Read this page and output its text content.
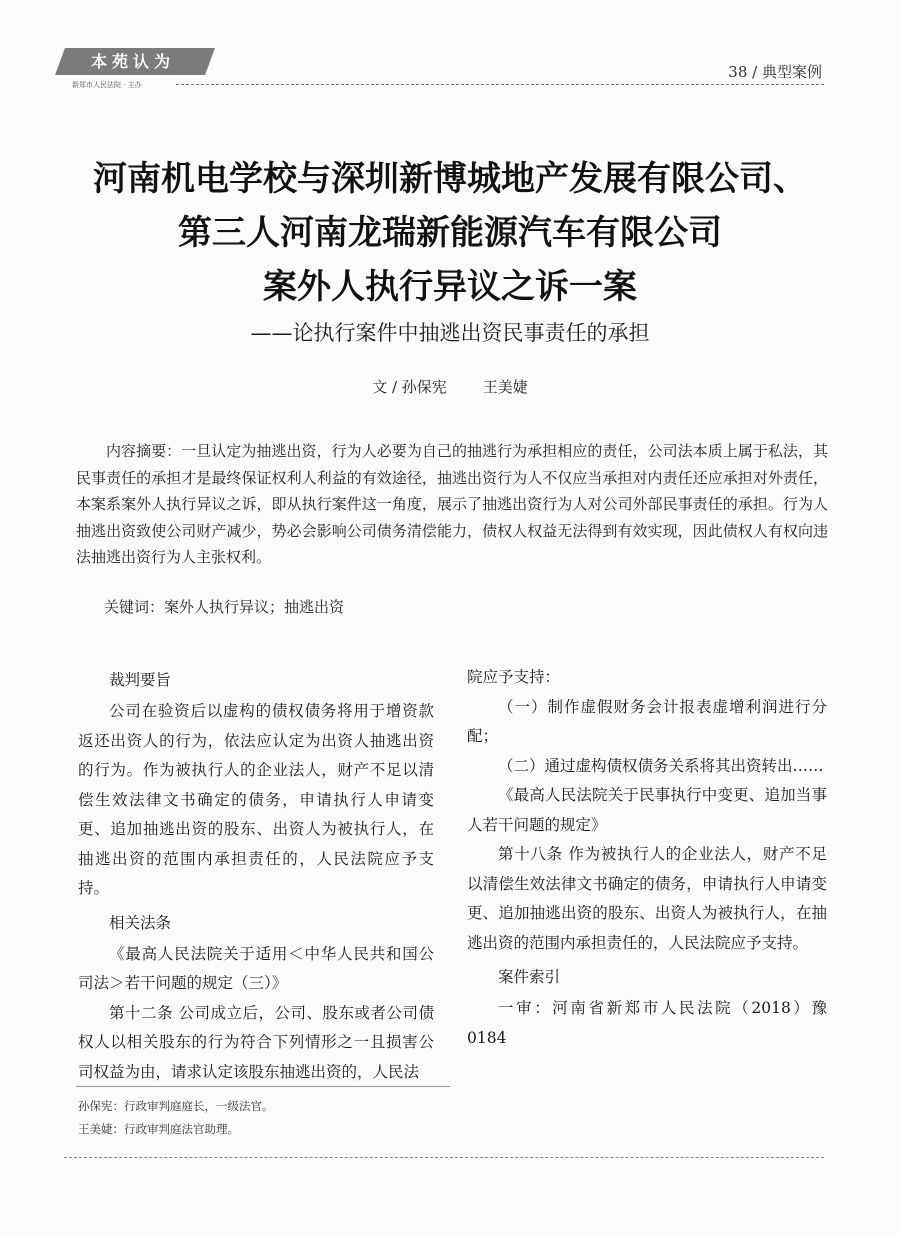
本苑认为
新郑市人民法院 · 主办
38 / 典型案例
河南机电学校与深圳新博城地产发展有限公司、
第三人河南龙瑞新能源汽车有限公司
案外人执行异议之诉一案
——论执行案件中抽逃出资民事责任的承担
文 / 孙保宪 王美婕
内容摘要：一旦认定为抽逃出资，行为人必要为自己的抽逃行为承担相应的责任，公司法本质上属于私法，其民事责任的承担才是最终保证权利人利益的有效途径，抽逃出资行为人不仅应当承担对内责任还应承担对外责任，本案系案外人执行异议之诉，即从执行案件这一角度，展示了抽逃出资行为人对公司外部民事责任的承担。行为人抽逃出资致使公司财产减少，势必会影响公司债务清偿能力，债权人权益无法得到有效实现，因此债权人有权向违法抽逃出资行为人主张权利。
关键词：案外人执行异议；抽逃出资
裁判要旨

公司在验资后以虚构的债权债务将用于增资款返还出资人的行为，依法应认定为出资人抽逃出资的行为。作为被执行人的企业法人，财产不足以清偿生效法律文书确定的债务，申请执行人申请变更、追加抽逃出资的股东、出资人为被执行人，在抽逃出资的范围内承担责任的，人民法院应予支持。

相关法条

《最高人民法院关于适用＜中华人民共和国公司法＞若干问题的规定（三）》

第十二条 公司成立后，公司、股东或者公司债权人以相关股东的行为符合下列情形之一且损害公司权益为由，请求认定该股东抽逃出资的，人民法

院应予支持：

（一）制作虚假财务会计报表虚增利润进行分配；

（二）通过虚构债权债务关系将其出资转出……

《最高人民法院关于民事执行中变更、追加当事人若干问题的规定》

第十八条 作为被执行人的企业法人，财产不足以清偿生效法律文书确定的债务，申请执行人申请变更、追加抽逃出资的股东、出资人为被执行人，在抽逃出资的范围内承担责任的，人民法院应予支持。

案件索引

一审：河南省新郑市人民法院（2018）豫 0184

孙保宪：行政审判庭庭长，一级法官。
王美婕：行政审判庭法官助理。
